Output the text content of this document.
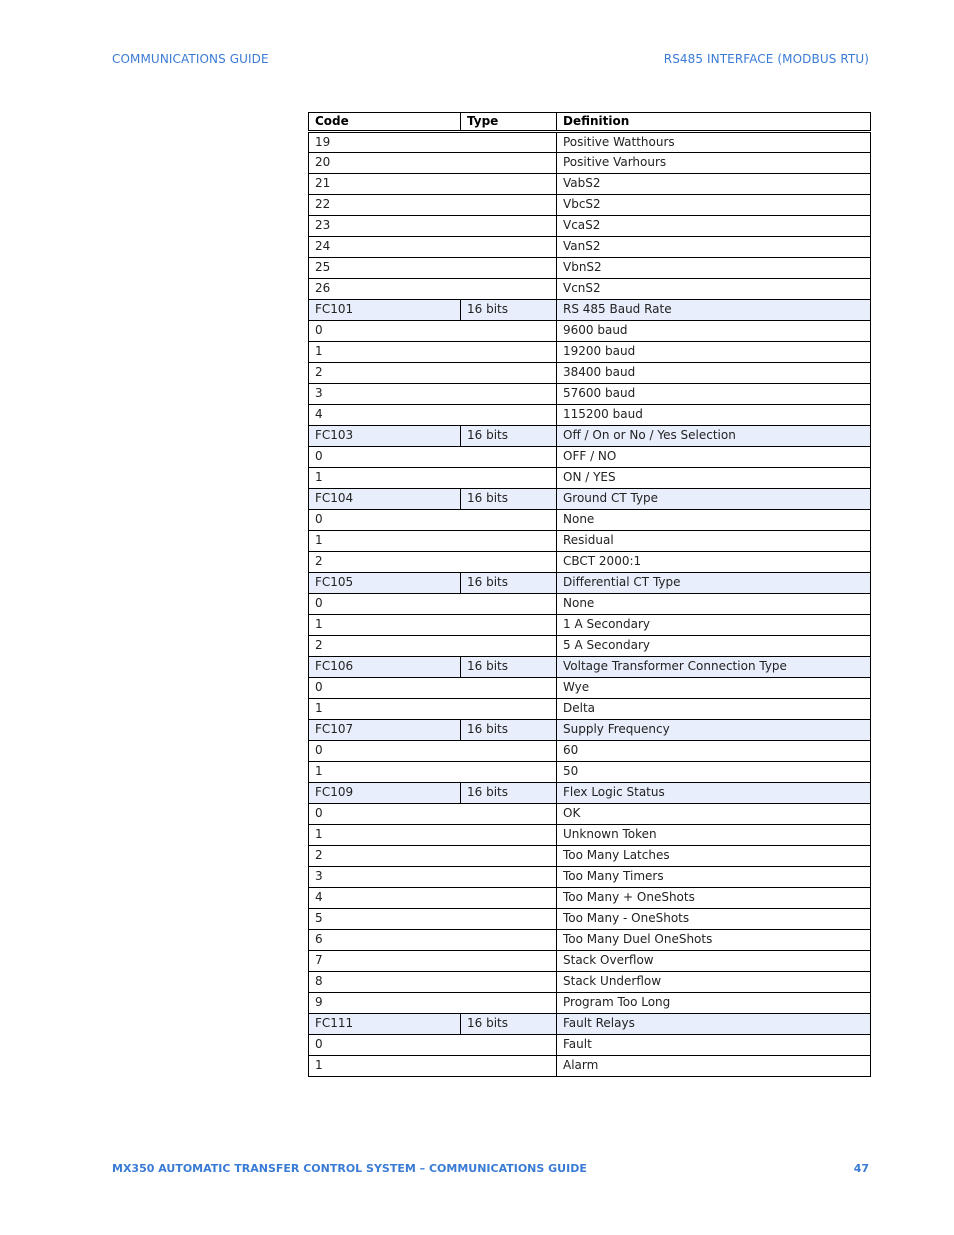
COMMUNICATIONS GUIDE	RS485 INTERFACE (MODBUS RTU)
Code	Type	Definition
19		Positive Watthours
20		Positive Varhours
21		VabS2
22		VbcS2
23		VcaS2
24		VanS2
25		VbnS2
26		VcnS2
FC101	16 bits	RS 485 Baud Rate
0		9600 baud
1		19200 baud
2		38400 baud
3		57600 baud
4		115200 baud
FC103	16 bits	Off / On or No / Yes Selection
0		OFF / NO
1		ON / YES
FC104	16 bits	Ground CT Type
0		None
1		Residual
2		CBCT 2000:1
FC105	16 bits	Differential CT Type
0		None
1		1 A Secondary
2		5 A Secondary
FC106	16 bits	Voltage Transformer Connection Type
0		Wye
1		Delta
FC107	16 bits	Supply Frequency
0		60
1		50
FC109	16 bits	Flex Logic Status
0		OK
1		Unknown Token
2		Too Many Latches
3		Too Many Timers
4		Too Many + OneShots
5		Too Many - OneShots
6		Too Many Duel OneShots
7		Stack Overflow
8		Stack Underflow
9		Program Too Long
FC111	16 bits	Fault Relays
0		Fault
1		Alarm
MX350 AUTOMATIC TRANSFER CONTROL SYSTEM – COMMUNICATIONS GUIDE	47
